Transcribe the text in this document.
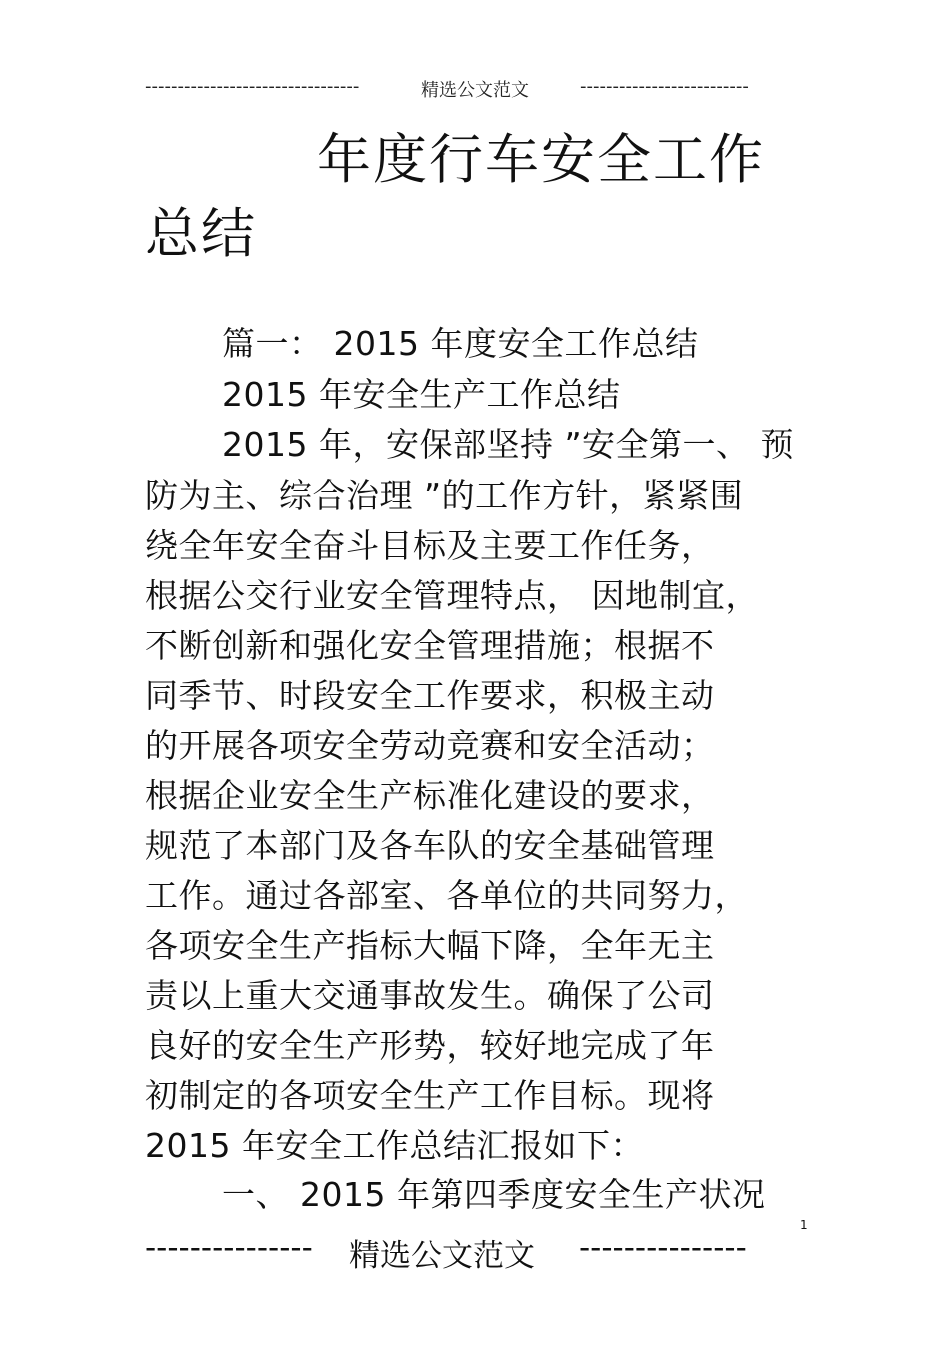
---------------------------------	精选公文范文	--------------------------
年度行车安全工作
总结
篇一： 2015 年度安全工作总结
2015 年安全生产工作总结
2015 年，安保部坚持 ”安全第一、 预
防为主、综合治理 ”的工作方针，紧紧围
绕全年安全奋斗目标及主要工作任务，
根据公交行业安全管理特点， 因地制宜，
不断创新和强化安全管理措施；根据不
同季节、时段安全工作要求，积极主动
的开展各项安全劳动竞赛和安全活动；
根据企业安全生产标准化建设的要求，
规范了本部门及各车队的安全基础管理
工作。通过各部室、各单位的共同努力，
各项安全生产指标大幅下降，全年无主
责以上重大交通事故发生。确保了公司
良好的安全生产形势，较好地完成了年
初制定的各项安全生产工作目标。现将
2015 年安全工作总结汇报如下：
一、 2015 年第四季度安全生产状况
1
--------------- 精选公文范文 ---------------
